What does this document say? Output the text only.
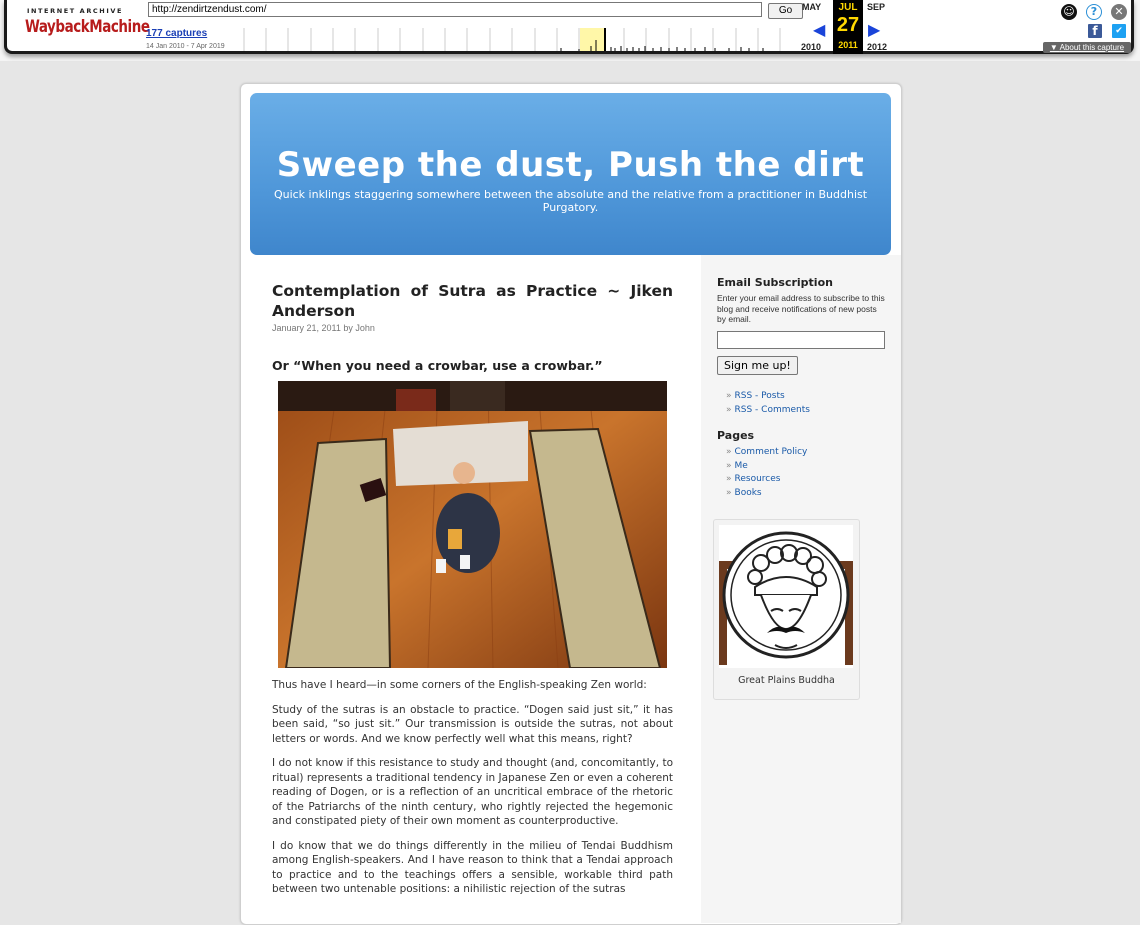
INTERNET ARCHIVE
WaybackMachine
http://zendirtzendust.com/	Go
177 captures
14 Jan 2010 - 7 Apr 2019
MAY	SEP
◀	▶
2010	2012
JUL
27
2011
☺	?	✕
f	✔
▼ About this capture
Sweep the dust, Push the dirt
Quick inklings staggering somewhere between the absolute and the relative from a practitioner in Buddhist Purgatory.
Contemplation of Sutra as Practice ~ Jiken Anderson
January 21, 2011 by John
Or “When you need a crowbar, use a crowbar.”

Thus have I heard—in some corners of the English-speaking Zen world:

Study of the sutras is an obstacle to practice. “Dogen said just sit,” it has been said, “so just sit.” Our transmission is outside the sutras, not about letters or words. And we know perfectly well what this means, right?

I do not know if this resistance to study and thought (and, concomitantly, to ritual) represents a traditional tendency in Japanese Zen or even a coherent reading of Dogen, or is a reflection of an uncritical embrace of the rhetoric of the Patriarchs of the ninth century, who rightly rejected the hegemonic and constipated piety of their own moment as counterproductive.

I do know that we do things differently in the milieu of Tendai Buddhism among English-speakers. And I have reason to think that a Tendai approach to practice and to the teachings offers a sensible, workable third path between two untenable positions: a nihilistic rejection of the sutras

Email Subscription
Enter your email address to subscribe to this blog and receive notifications of new posts by email.
Sign me up!
» RSS - Posts
» RSS - Comments
Pages
» Comment Policy
» Me
» Resources
» Books
Great Plains Buddha
